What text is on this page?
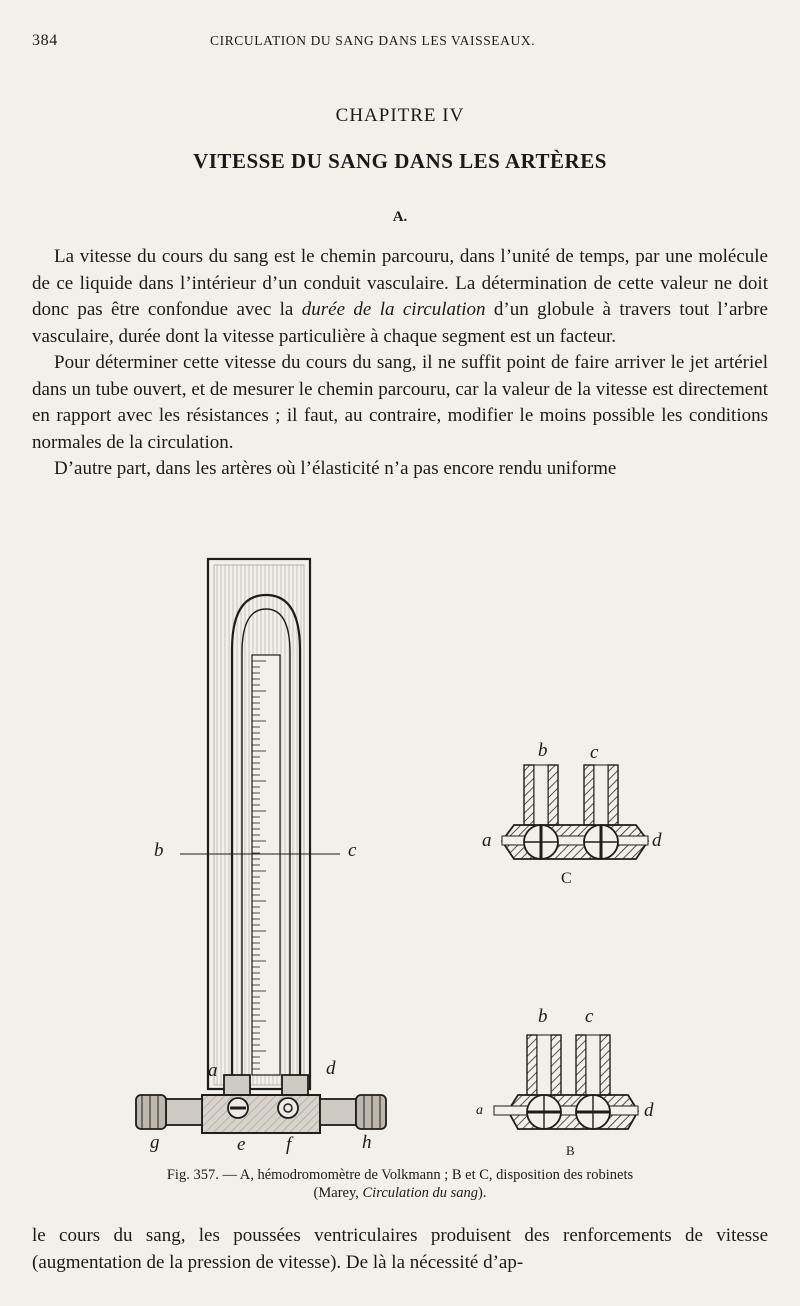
384	CIRCULATION DU SANG DANS LES VAISSEAUX.
CHAPITRE IV
VITESSE DU SANG DANS LES ARTÈRES
A.

La vitesse du cours du sang est le chemin parcouru, dans l’unité de temps, par une molécule de ce liquide dans l’intérieur d’un conduit vasculaire. La détermination de cette valeur ne doit donc pas être confondue avec la durée de la circulation d’un globule à travers tout l’arbre vasculaire, durée dont la vitesse particulière à chaque segment est un facteur.

Pour déterminer cette vitesse du cours du sang, il ne suffit point de faire arriver le jet artériel dans un tube ouvert, et de mesurer le chemin parcouru, car la valeur de la vitesse est directement en rapport avec les résistances ; il faut, au contraire, modifier le moins possible les conditions normales de la circulation.

D’autre part, dans les artères où l’élasticité n’a pas encore rendu uniforme

b	c
a	d
e f
g	h
b c
a	d
C
b c
a	d
B
Fig. 357. — A, hémodromomètre de Volkmann ; B et C, disposition des robinets
(Marey, Circulation du sang).

le cours du sang, les poussées ventriculaires produisent des renforcements de vitesse (augmentation de la pression de vitesse). De là la nécessité d’ap-
